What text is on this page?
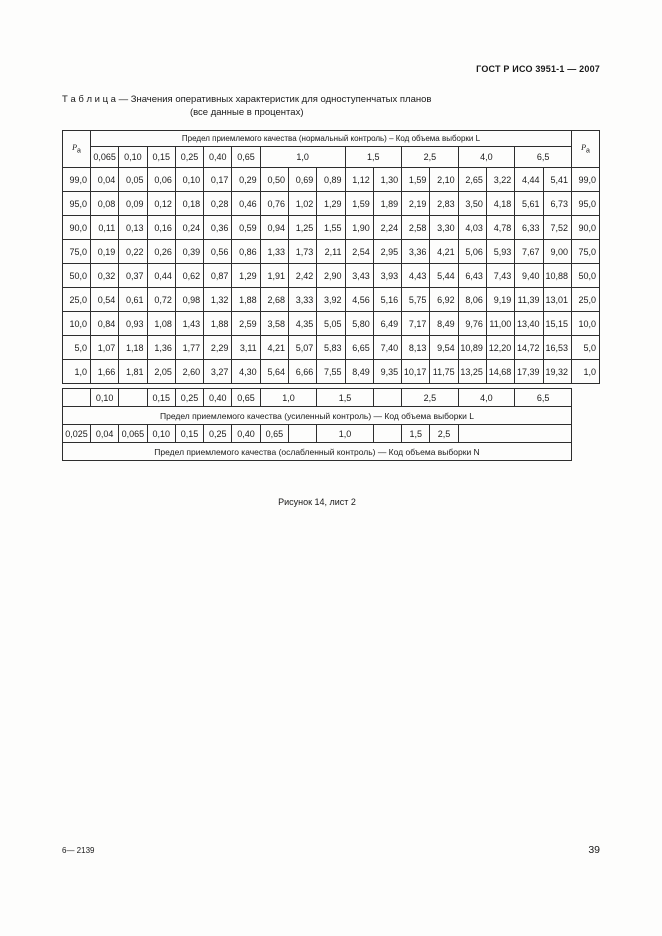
ГОСТ Р ИСО 3951-1 — 2007
Т а б л и ц а — Значения оперативных характеристик для одноступенчатых планов
(все данные в процентах)
$P_a$	Предел приемлемого качества (нормальный контроль) – Код объема выборки L																	$P_a$
	0,065	0,10	0,15	0,25	0,40	0,65	1,0			1,5		2,5		4,0		6,5		
99,0	0,04	0,05	0,06	0,10	0,17	0,29	0,50	0,69	0,89	1,12	1,30	1,59	2,10	2,65	3,22	4,44	5,41	99,0
95,0	0,08	0,09	0,12	0,18	0,28	0,46	0,76	1,02	1,29	1,59	1,89	2,19	2,83	3,50	4,18	5,61	6,73	95,0
90,0	0,11	0,13	0,16	0,24	0,36	0,59	0,94	1,25	1,55	1,90	2,24	2,58	3,30	4,03	4,78	6,33	7,52	90,0
75,0	0,19	0,22	0,26	0,39	0,56	0,86	1,33	1,73	2,11	2,54	2,95	3,36	4,21	5,06	5,93	7,67	9,00	75,0
50,0	0,32	0,37	0,44	0,62	0,87	1,29	1,91	2,42	2,90	3,43	3,93	4,43	5,44	6,43	7,43	9,40	10,88	50,0
25,0	0,54	0,61	0,72	0,98	1,32	1,88	2,68	3,33	3,92	4,56	5,16	5,75	6,92	8,06	9,19	11,39	13,01	25,0
10,0	0,84	0,93	1,08	1,43	1,88	2,59	3,58	4,35	5,05	5,80	6,49	7,17	8,49	9,76	11,00	13,40	15,15	10,0
5,0	1,07	1,18	1,36	1,77	2,29	3,11	4,21	5,07	5,83	6,65	7,40	8,13	9,54	10,89	12,20	14,72	16,53	5,0
1,0	1,66	1,81	2,05	2,60	3,27	4,30	5,64	6,66	7,55	8,49	9,35	10,17	11,75	13,25	14,68	17,39	19,32	1,0
	0,10		0,15	0,25	0,40	0,65	1,0		1,5		2,5		4,0	6,5
Предел приемлемого качества (усиленный контроль) — Код объема выборки L														
0,025	0,04	0,065	0,10	0,15	0,25	0,40	0,65		1,0		1,5	2,5		
Предел приемлемого качества (ослабленный контроль) — Код объема выборки N														
Рисунок 14, лист 2
6— 2139	39
